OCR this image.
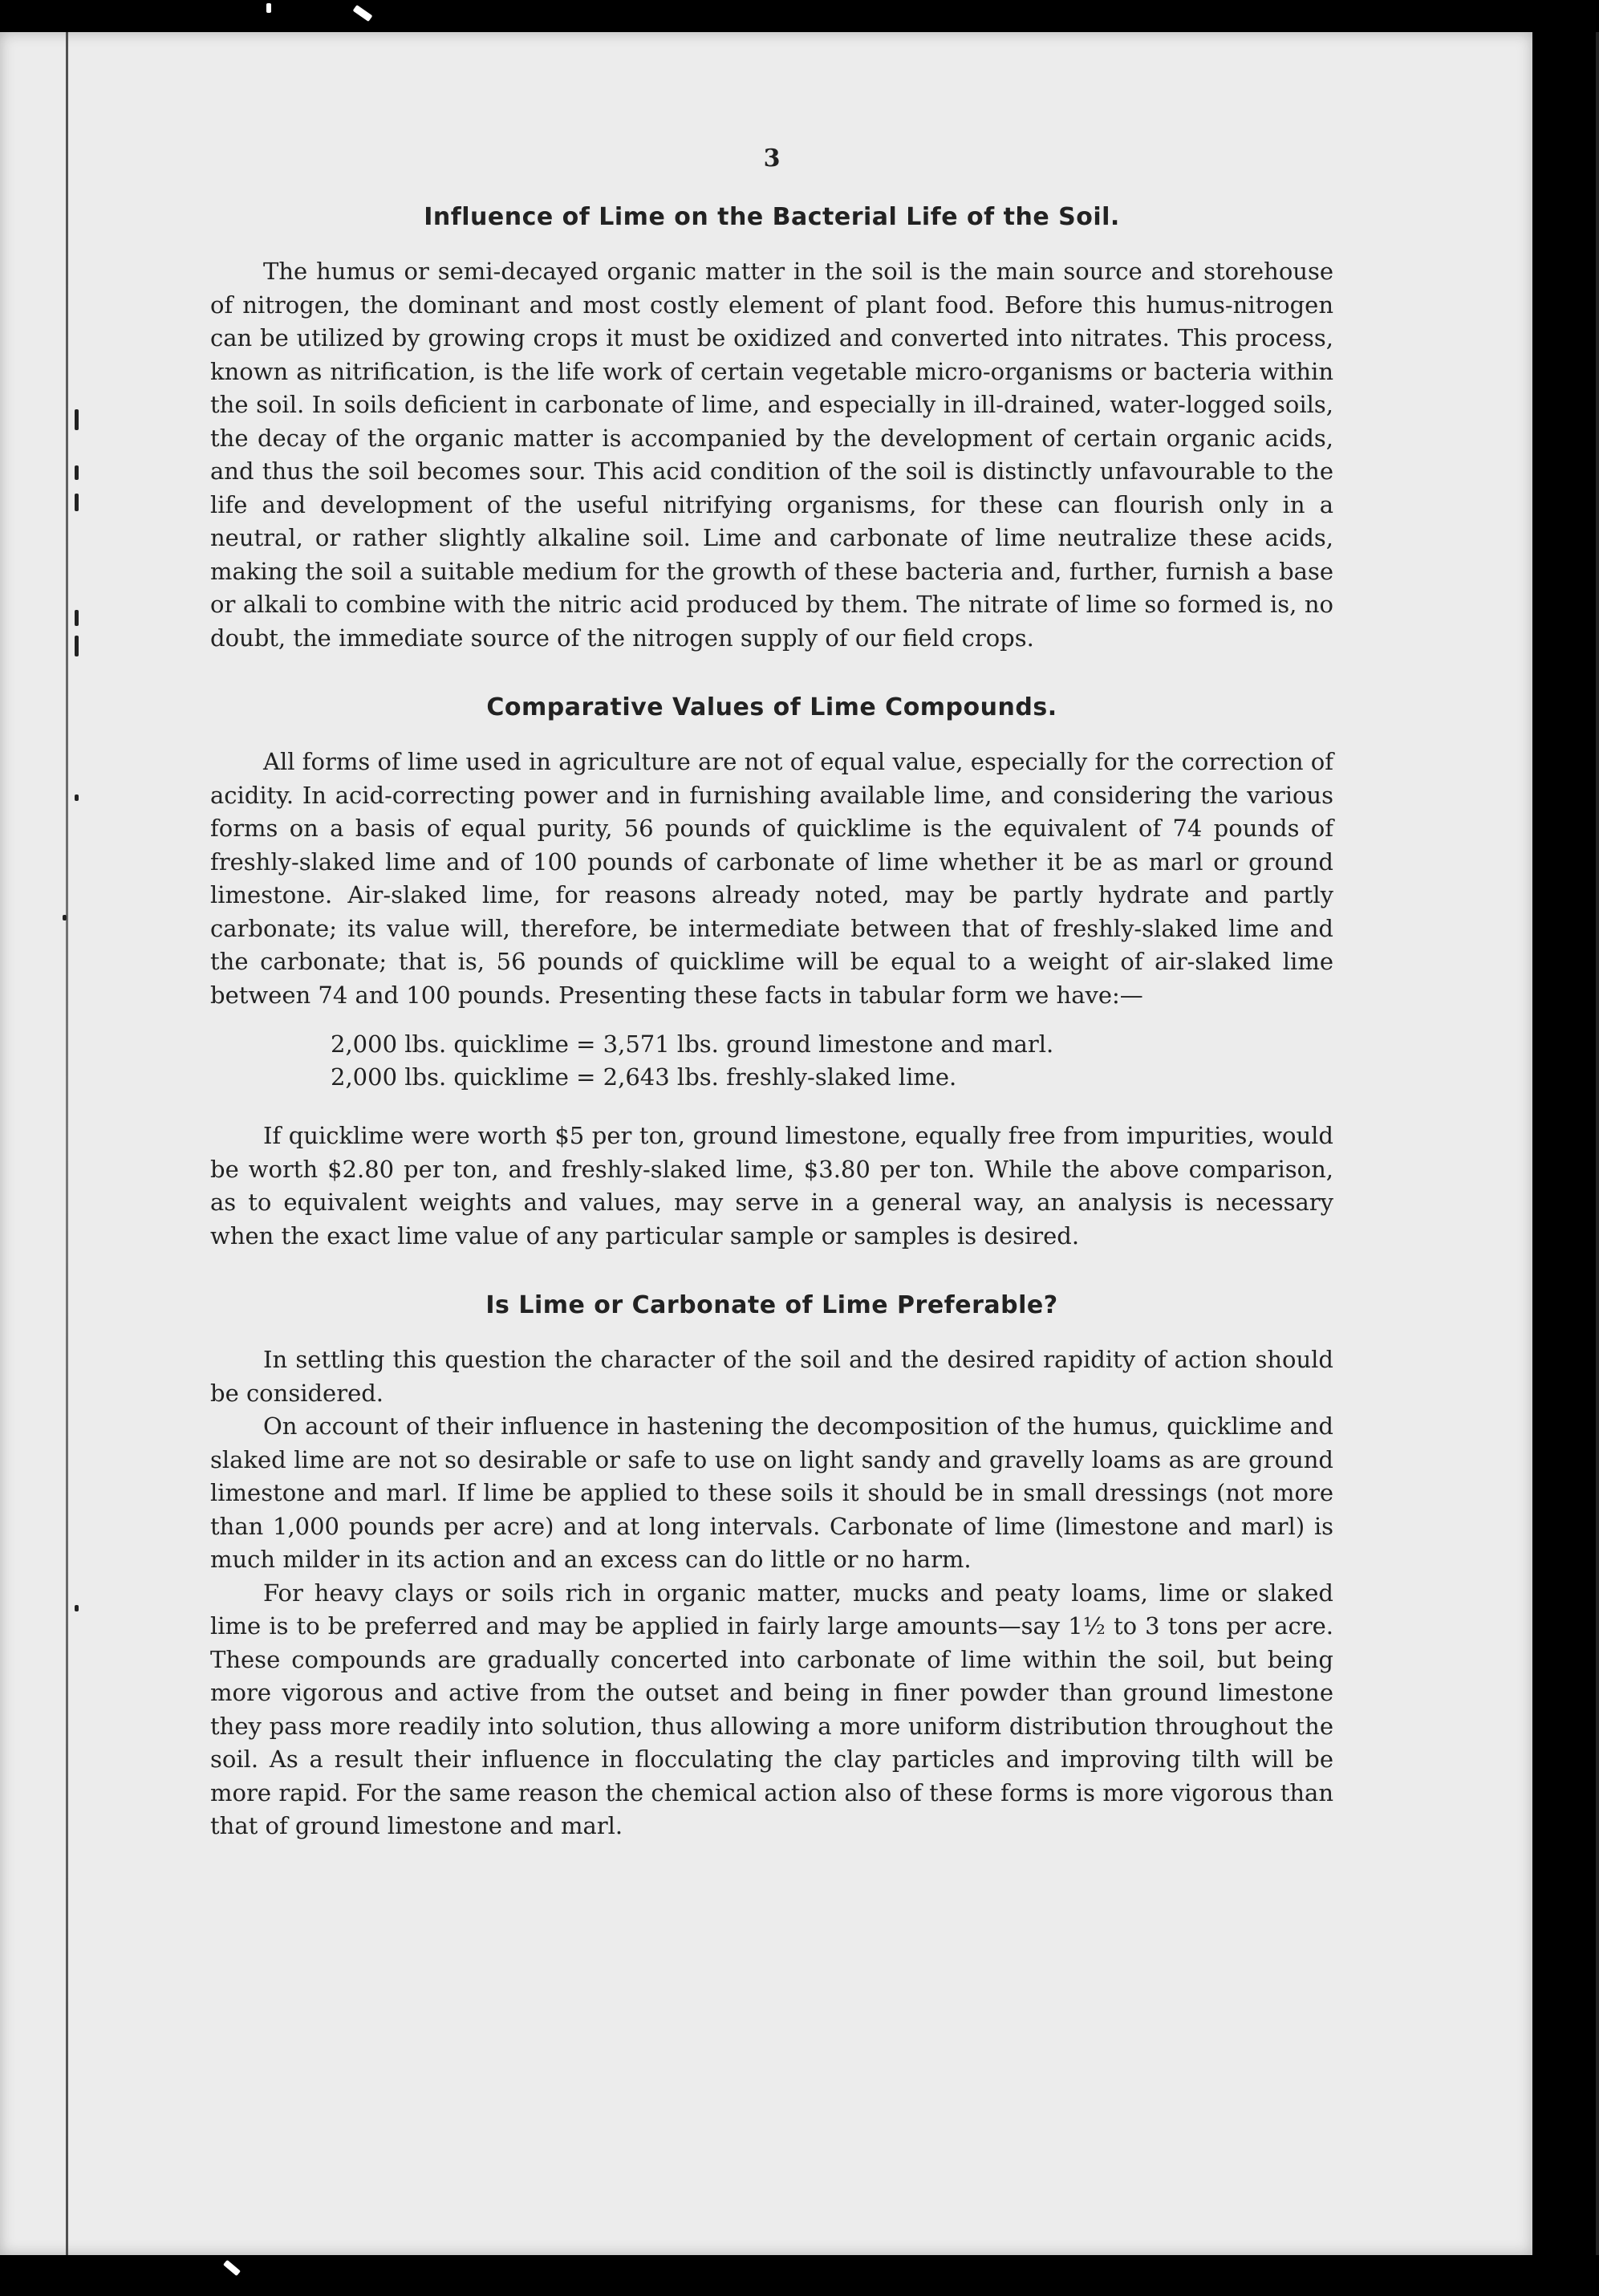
3
Influence of Lime on the Bacterial Life of the Soil.

The humus or semi-decayed organic matter in the soil is the main source and storehouse of nitrogen, the dominant and most costly element of plant food. Before this humus-nitrogen can be utilized by growing crops it must be oxidized and converted into nitrates. This process, known as nitrification, is the life work of certain vegetable micro-organisms or bacteria within the soil. In soils deficient in carbonate of lime, and especially in ill-drained, water-logged soils, the decay of the organic matter is accompanied by the development of certain organic acids, and thus the soil becomes sour. This acid condition of the soil is distinctly unfavourable to the life and development of the useful nitrifying organisms, for these can flourish only in a neutral, or rather slightly alkaline soil. Lime and carbonate of lime neutralize these acids, making the soil a suitable medium for the growth of these bacteria and, further, furnish a base or alkali to combine with the nitric acid produced by them. The nitrate of lime so formed is, no doubt, the immediate source of the nitrogen supply of our field crops.

Comparative Values of Lime Compounds.

All forms of lime used in agriculture are not of equal value, especially for the correction of acidity. In acid-correcting power and in furnishing available lime, and considering the various forms on a basis of equal purity, 56 pounds of quicklime is the equivalent of 74 pounds of freshly-slaked lime and of 100 pounds of carbonate of lime whether it be as marl or ground limestone. Air-slaked lime, for reasons already noted, may be partly hydrate and partly carbonate; its value will, therefore, be intermediate between that of freshly-slaked lime and the carbonate; that is, 56 pounds of quicklime will be equal to a weight of air-slaked lime between 74 and 100 pounds. Presenting these facts in tabular form we have:—

2,000 lbs. quicklime = 3,571 lbs. ground limestone and marl.
2,000 lbs. quicklime = 2,643 lbs. freshly-slaked lime.

If quicklime were worth $5 per ton, ground limestone, equally free from impurities, would be worth $2.80 per ton, and freshly-slaked lime, $3.80 per ton. While the above comparison, as to equivalent weights and values, may serve in a general way, an analysis is necessary when the exact lime value of any particular sample or samples is desired.

Is Lime or Carbonate of Lime Preferable?

In settling this question the character of the soil and the desired rapidity of action should be considered.

On account of their influence in hastening the decomposition of the humus, quicklime and slaked lime are not so desirable or safe to use on light sandy and gravelly loams as are ground limestone and marl. If lime be applied to these soils it should be in small dressings (not more than 1,000 pounds per acre) and at long intervals. Carbonate of lime (limestone and marl) is much milder in its action and an excess can do little or no harm.

For heavy clays or soils rich in organic matter, mucks and peaty loams, lime or slaked lime is to be preferred and may be applied in fairly large amounts—say 1½ to 3 tons per acre. These compounds are gradually concerted into carbonate of lime within the soil, but being more vigorous and active from the outset and being in finer powder than ground limestone they pass more readily into solution, thus allowing a more uniform distribution throughout the soil. As a result their influence in flocculating the clay particles and improving tilth will be more rapid. For the same reason the chemical action also of these forms is more vigorous than that of ground limestone and marl.
